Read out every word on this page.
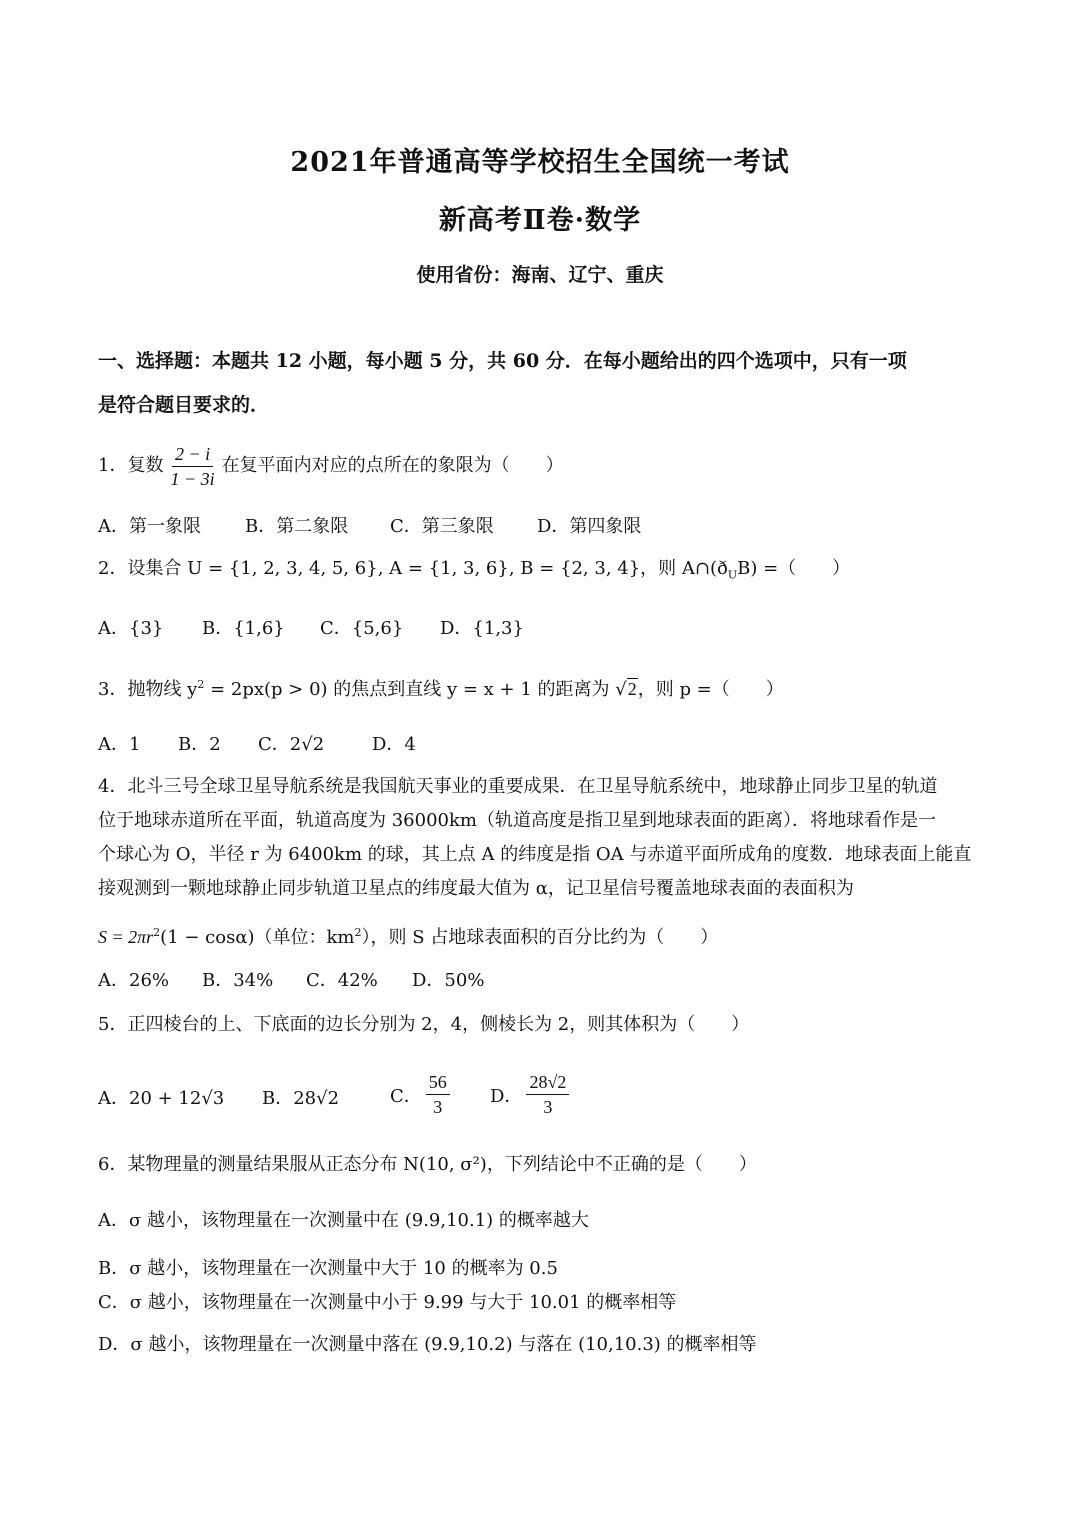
2021年普通高等学校招生全国统一考试
新高考Ⅱ卷·数学
使用省份：海南、辽宁、重庆
一、选择题：本题共 12 小题，每小题 5 分，共 60 分．在每小题给出的四个选项中，只有一项
是符合题目要求的．
1．复数 $\frac{2 - i}{1 - 3i}$ 在复平面内对应的点所在的象限为（　　）
A．第一象限 B．第二象限 C．第三象限 D．第四象限
2．设集合 U = {1, 2, 3, 4, 5, 6}, A = {1, 3, 6}, B = {2, 3, 4}，则 $A\cap(ð_UB)$ =（　　）
A．{3} B．{1,6} C．{5,6} D．{1,3}
3．抛物线 $y^2 = 2px(p > 0)$ 的焦点到直线 y = x + 1 的距离为 √2，则 p =（　　）
A．1 B．2 C．2√2	D．4
4．北斗三号全球卫星导航系统是我国航天事业的重要成果．在卫星导航系统中，地球静止同步卫星的轨道
位于地球赤道所在平面，轨道高度为 36000km（轨道高度是指卫星到地球表面的距离）．将地球看作是一
个球心为 O，半径 r 为 6400km 的球，其上点 A 的纬度是指 OA 与赤道平面所成角的度数．地球表面上能直
接观测到一颗地球静止同步轨道卫星点的纬度最大值为 α，记卫星信号覆盖地球表面的表面积为
$S = 2\pi r^2(1 - \cos\alpha)$（单位：$km^2$），则 S 占地球表面积的百分比约为（　　）
A．26% B．34% C．42% D．50%
5．正四棱台的上、下底面的边长分别为 2，4，侧棱长为 2，则其体积为（　　）
A．20 + 12√3 B．28√2	C． $\frac{56}{3}$ D． $\frac{28√2}{3}$
6．某物理量的测量结果服从正态分布 N(10, σ²)，下列结论中不正确的是（　　）
A．σ 越小，该物理量在一次测量中在 (9.9,10.1) 的概率越大
B．σ 越小，该物理量在一次测量中大于 10 的概率为 0.5
C．σ 越小，该物理量在一次测量中小于 9.99 与大于 10.01 的概率相等
D．σ 越小，该物理量在一次测量中落在 (9.9,10.2) 与落在 (10,10.3) 的概率相等
